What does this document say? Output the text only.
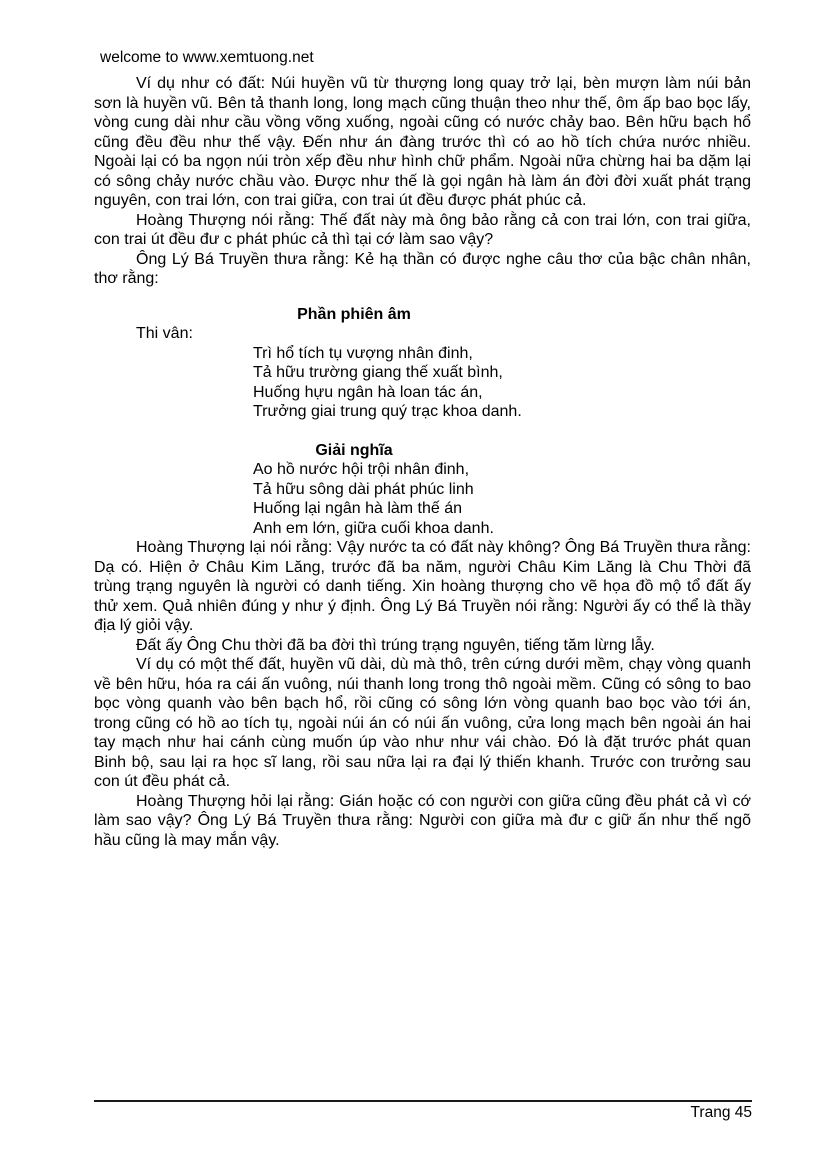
welcome to www.xemtuong.net

Ví dụ như có đất: Núi huyền vũ từ thượng long quay trở lại, bèn mượn làm núi bản sơn là huyền vũ. Bên tả thanh long, long mạch cũng thuận theo như thế, ôm ấp bao bọc lấy, vòng cung dài như cầu vồng võng xuống, ngoài cũng có nước chảy bao. Bên hữu bạch hổ cũng đều đều như thế vậy. Đến như án đàng trước thì có ao hồ tích chứa nước nhiều. Ngoài lại có ba ngọn núi tròn xếp đều như hình chữ phẩm. Ngoài nữa chừng hai ba dặm lại có sông chảy nước chầu vào. Được như thế là gọi ngân hà làm án đời đời xuất phát trạng nguyên, con trai lớn, con trai giữa, con trai út đều được phát phúc cả.

Hoàng Thượng nói rằng: Thế đất này mà ông bảo rằng cả con trai lớn, con trai giữa, con trai út đều đư c phát phúc cả thì tại cớ làm sao vậy?

Ông Lý Bá Truyền thưa rằng: Kẻ hạ thần có được nghe câu thơ của bậc chân nhân, thơ rằng:

Phần phiên âm

Thi vân:

Trì hổ tích tụ vượng nhân đinh,
Tả hữu trường giang thế xuất bình,
Huống hựu ngân hà loan tác án,
Trưởng giai trung quý trạc khoa danh.
Giải nghĩa
Ao hồ nước hội trội nhân đinh,
Tả hữu sông dài phát phúc linh
Huống lại ngân hà làm thế án
Anh em lớn, giữa cuối khoa danh.

Hoàng Thượng lại nói rằng: Vậy nước ta có đất này không? Ông Bá Truyền thưa rằng: Dạ có. Hiện ở Châu Kim Lăng, trước đã ba năm, người Châu Kim Lăng là Chu Thời đã trùng trạng nguyên là người có danh tiếng. Xin hoàng thượng cho vẽ họa đồ mộ tổ đất ấy thử xem. Quả nhiên đúng y như ý định. Ông Lý Bá Truyền nói rằng: Người ấy có thể là thầy địa lý giỏi vậy.

Đất ấy Ông Chu thời đã ba đời thì trúng trạng nguyên, tiếng tăm lừng lẫy.

Ví dụ có một thế đất, huyền vũ dài, dù mà thô, trên cứng dưới mềm, chạy vòng quanh về bên hữu, hóa ra cái ấn vuông, núi thanh long trong thô ngoài mềm. Cũng có sông to bao bọc vòng quanh vào bên bạch hổ, rồi cũng có sông lớn vòng quanh bao bọc vào tới án, trong cũng có hồ ao tích tụ, ngoài núi án có núi ấn vuông, cửa long mạch bên ngoài án hai tay mạch như hai cánh cùng muốn úp vào như như vái chào. Đó là đặt trước phát quan Binh bộ, sau lại ra học sĩ lang, rồi sau nữa lại ra đại lý thiến khanh. Trước con trưởng sau con út đều phát cả.

Hoàng Thượng hỏi lại rằng: Gián hoặc có con người con giữa cũng đều phát cả vì cớ làm sao vậy? Ông Lý Bá Truyền thưa rằng: Người con giữa mà đư c giữ ấn như thế ngõ hầu cũng là may mắn vậy.

Trang 45
